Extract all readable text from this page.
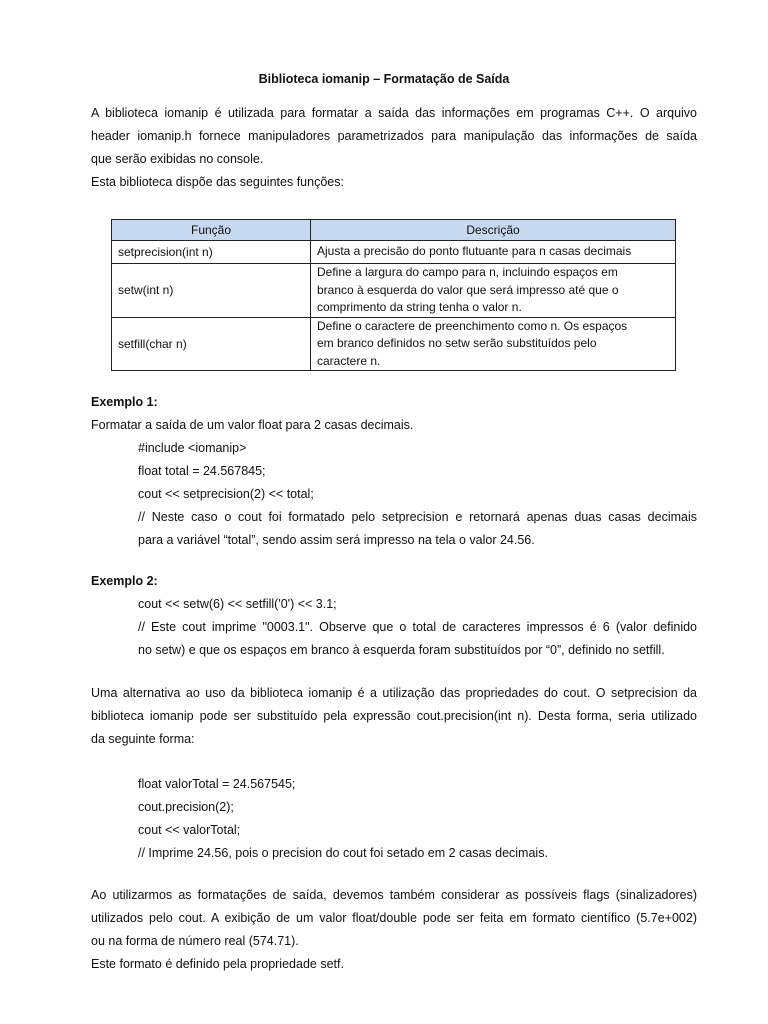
Biblioteca iomanip – Formatação de Saída
A biblioteca iomanip é utilizada para formatar a saída das informações em programas C++. O arquivo
header iomanip.h fornece manipuladores parametrizados para manipulação das informações de saída
que serão exibidas no console.
Esta biblioteca dispõe das seguintes funções:
Função	Descrição
setprecision(int n)	Ajusta a precisão do ponto flutuante para n casas decimais

setw(int n)	Define a largura do campo para n, incluindo espaços em
branco à esquerda do valor que será impresso até que o
comprimento da string tenha o valor n.

setfill(char n)	Define o caractere de preenchimento como n. Os espaços
em branco definidos no setw serão substituídos pelo
caractere n.
Exemplo 1:
Formatar a saída de um valor float para 2 casas decimais.
#include <iomanip>
float total = 24.567845;
cout << setprecision(2) << total;
// Neste caso o cout foi formatado pelo setprecision e retornará apenas duas casas decimais
para a variável “total”, sendo assim será impresso na tela o valor 24.56.
Exemplo 2:
cout << setw(6) << setfill('0') << 3.1;
// Este cout imprime "0003.1". Observe que o total de caracteres impressos é 6 (valor definido
no setw) e que os espaços em branco à esquerda foram substituídos por “0”, definido no setfill.
Uma alternativa ao uso da biblioteca iomanip é a utilização das propriedades do cout. O setprecision da
biblioteca iomanip pode ser substituído pela expressão cout.precision(int n). Desta forma, seria utilizado
da seguinte forma:
float valorTotal = 24.567545;
cout.precision(2);
cout << valorTotal;
// Imprime 24.56, pois o precision do cout foi setado em 2 casas decimais.
Ao utilizarmos as formatações de saída, devemos também considerar as possíveis flags (sinalizadores)
utilizados pelo cout. A exibição de um valor float/double pode ser feita em formato científico (5.7e+002)
ou na forma de número real (574.71).
Este formato é definido pela propriedade setf.
